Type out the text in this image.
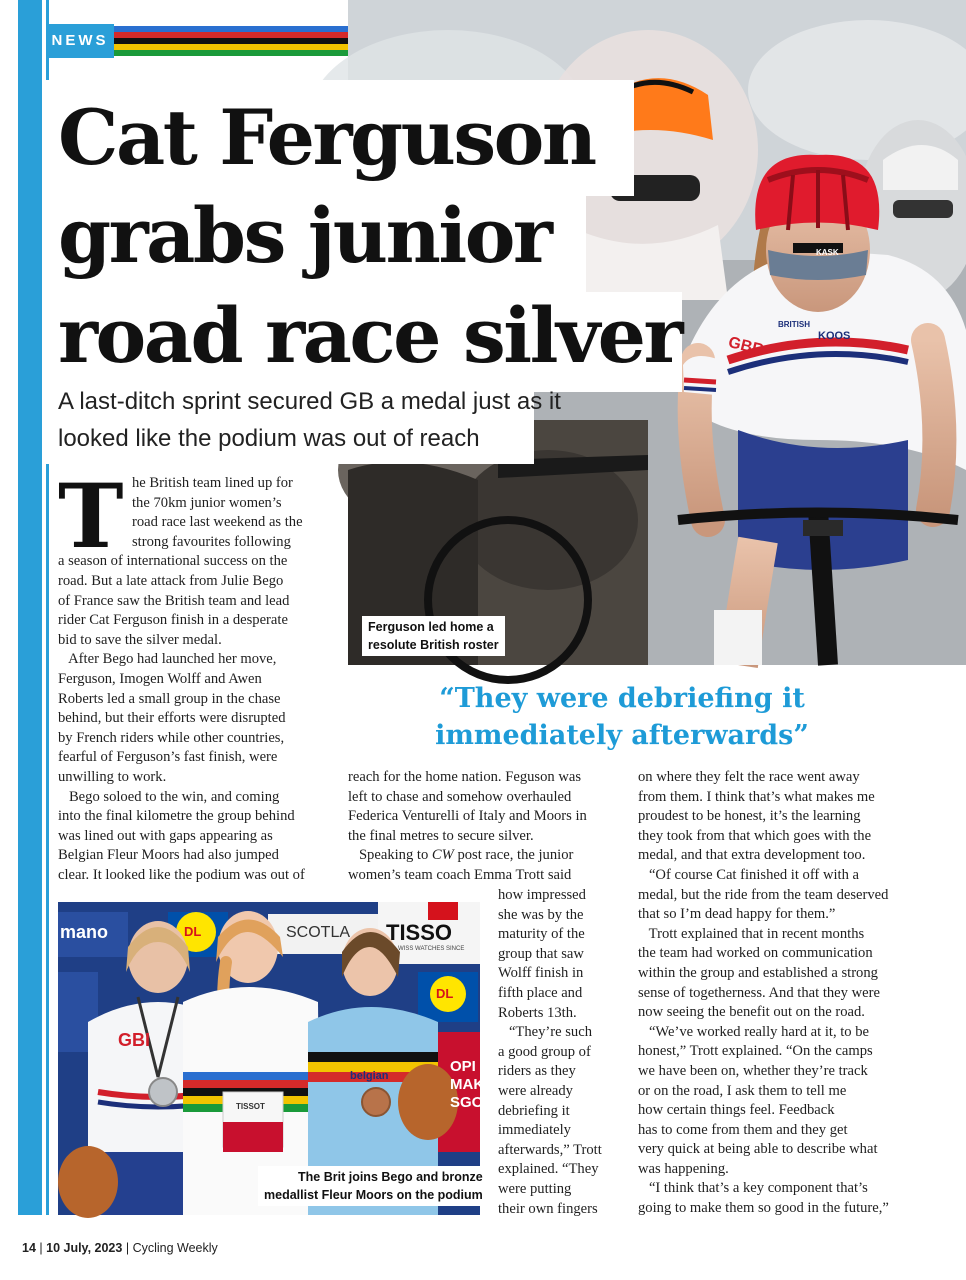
NEWS
KASK
KOOS
GBR
BRITISH
Ferguson led home a
resolute British roster
Cat Ferguson
grabs junior
road race silver
A last-ditch sprint secured GB a medal just as it
looked like the podium was out of reach
T he British team lined up for
the 70km junior women’s
road race last weekend as the
strong favourites following
a season of international success on the
road. But a late attack from Julie Bego
of France saw the British team and lead
rider Cat Ferguson finish in a desperate
bid to save the silver medal.
After Bego had launched her move,
Ferguson, Imogen Wolff and Awen
Roberts led a small group in the chase
behind, but their efforts were disrupted
by French riders while other countries,
fearful of Ferguson’s fast finish, were
unwilling to work.
Bego soloed to the win, and coming
into the final kilometre the group behind
was lined out with gaps appearing as
Belgian Fleur Moors had also jumped
clear. It looked like the podium was out of
“They were debriefing it
immediately afterwards”
reach for the home nation. Feguson was
left to chase and somehow overhauled
Federica Venturelli of Italy and Moors in
the final metres to secure silver.
Speaking to CW post race, the junior
women’s team coach Emma Trott said
how impressed
she was by the
maturity of the
group that saw
Wolff finish in
fifth place and
Roberts 13th.
“They’re such
a good group of
riders as they
were already
debriefing it
immediately
afterwards,” Trott
explained. “They
were putting
their own fingers
on where they felt the race went away
from them. I think that’s what makes me
proudest to be honest, it’s the learning
they took from that which goes with the
medal, and that extra development too.
“Of course Cat finished it off with a
medal, but the ride from the team deserved
that so I’m dead happy for them.”
Trott explained that in recent months
the team had worked on communication
within the group and established a strong
sense of togetherness. And that they were
now seeing the benefit out on the road.
“We’ve worked really hard at it, to be
honest,” Trott explained. “On the camps
we have been on, whether they’re track
or on the road, I ask them to tell me
how certain things feel. Feedback
has to come from them and they get
very quick at being able to describe what
was happening.
“I think that’s a key component that’s
going to make them so good in the future,”
mano	DL	SCOTLA TISSO
WISS WATCHES SINCE
DL
GBI
belgian
TISSOT
OPI
MAK
SGOV
The Brit joins Bego and bronze
medallist Fleur Moors on the podium
14 | 10 July, 2023 | Cycling Weekly
